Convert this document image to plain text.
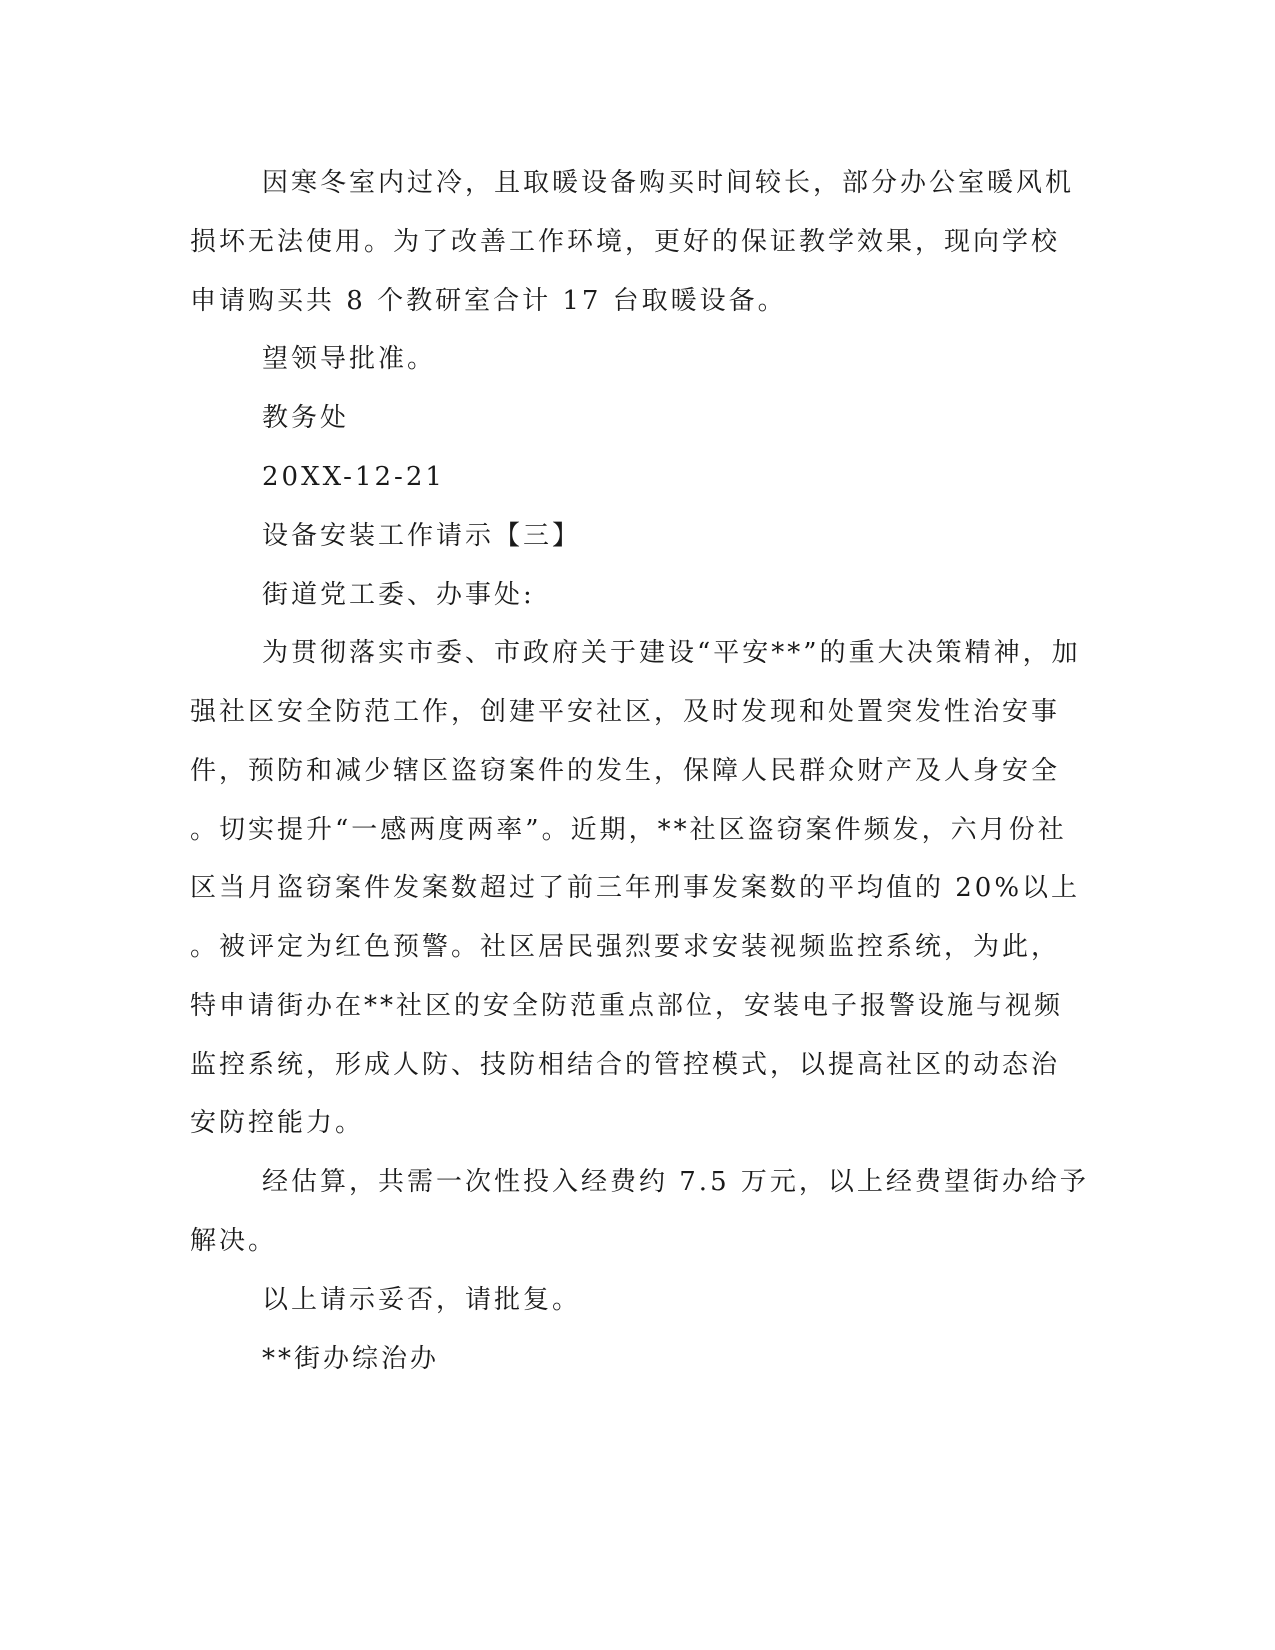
因寒冬室内过冷，且取暖设备购买时间较长，部分办公室暖风机
损坏无法使用。为了改善工作环境，更好的保证教学效果，现向学校
申请购买共 8 个教研室合计 17 台取暖设备。
望领导批准。
教务处
20XX-12-21
设备安装工作请示【三】
街道党工委、办事处:
为贯彻落实市委、市政府关于建设“平安**”的重大决策精神，加
强社区安全防范工作，创建平安社区，及时发现和处置突发性治安事
件，预防和减少辖区盗窃案件的发生，保障人民群众财产及人身安全
。切实提升“一感两度两率”。近期，**社区盗窃案件频发，六月份社
区当月盗窃案件发案数超过了前三年刑事发案数的平均值的 20%以上
。被评定为红色预警。社区居民强烈要求安装视频监控系统，为此，
特申请街办在**社区的安全防范重点部位，安装电子报警设施与视频
监控系统，形成人防、技防相结合的管控模式，以提高社区的动态治
安防控能力。
经估算，共需一次性投入经费约 7.5 万元，以上经费望街办给予
解决。
以上请示妥否，请批复。
**街办综治办
